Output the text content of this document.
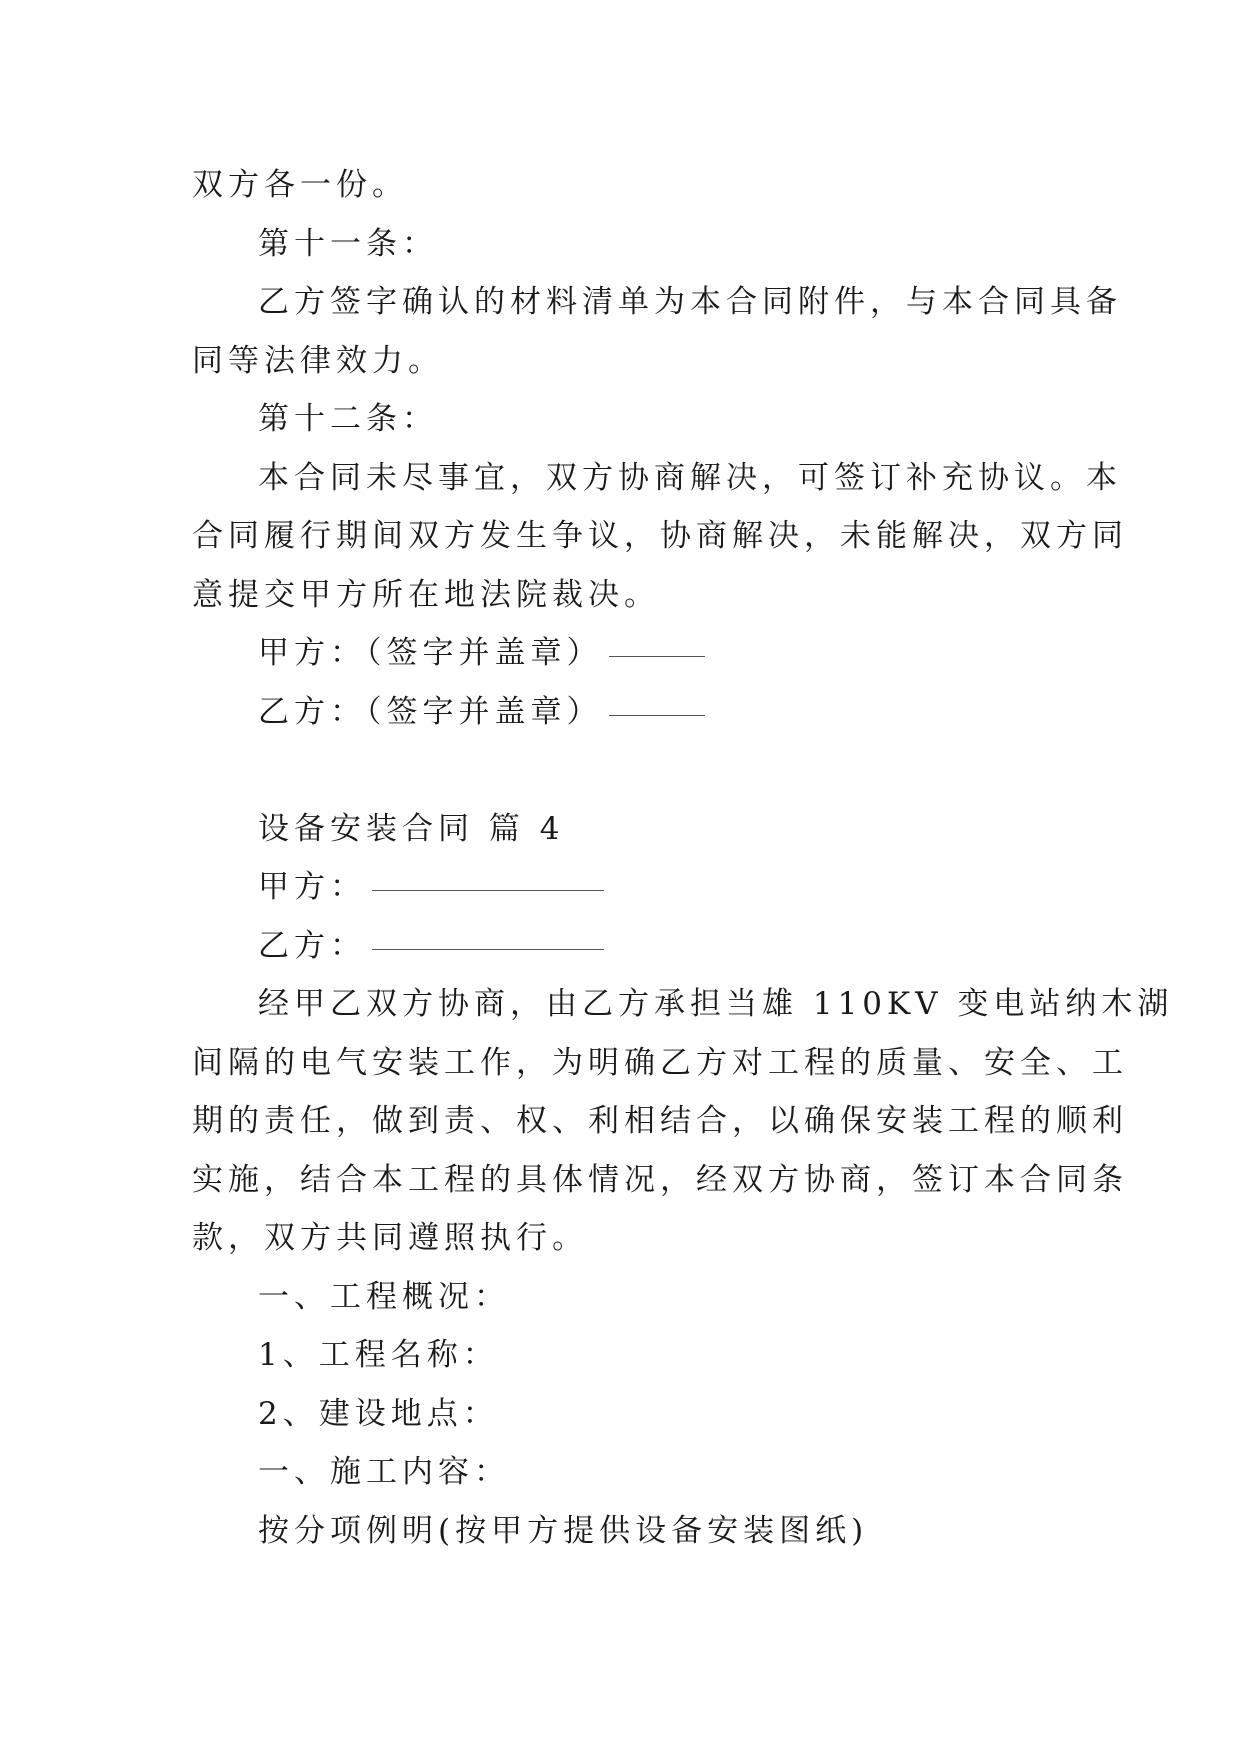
双方各一份。
第十一条：
乙方签字确认的材料清单为本合同附件，与本合同具备
同等法律效力。
第十二条：
本合同未尽事宜，双方协商解决，可签订补充协议。本
合同履行期间双方发生争议，协商解决，未能解决，双方同
意提交甲方所在地法院裁决。
甲方：（签字并盖章）
乙方：（签字并盖章）
设备安装合同 篇 4
甲方：
乙方：
经甲乙双方协商，由乙方承担当雄 110KV 变电站纳木湖
间隔的电气安装工作，为明确乙方对工程的质量、安全、工
期的责任，做到责、权、利相结合，以确保安装工程的顺利
实施，结合本工程的具体情况，经双方协商，签订本合同条
款，双方共同遵照执行。
一、工程概况：
1、工程名称：
2、建设地点：
一、施工内容：
按分项例明(按甲方提供设备安装图纸)
